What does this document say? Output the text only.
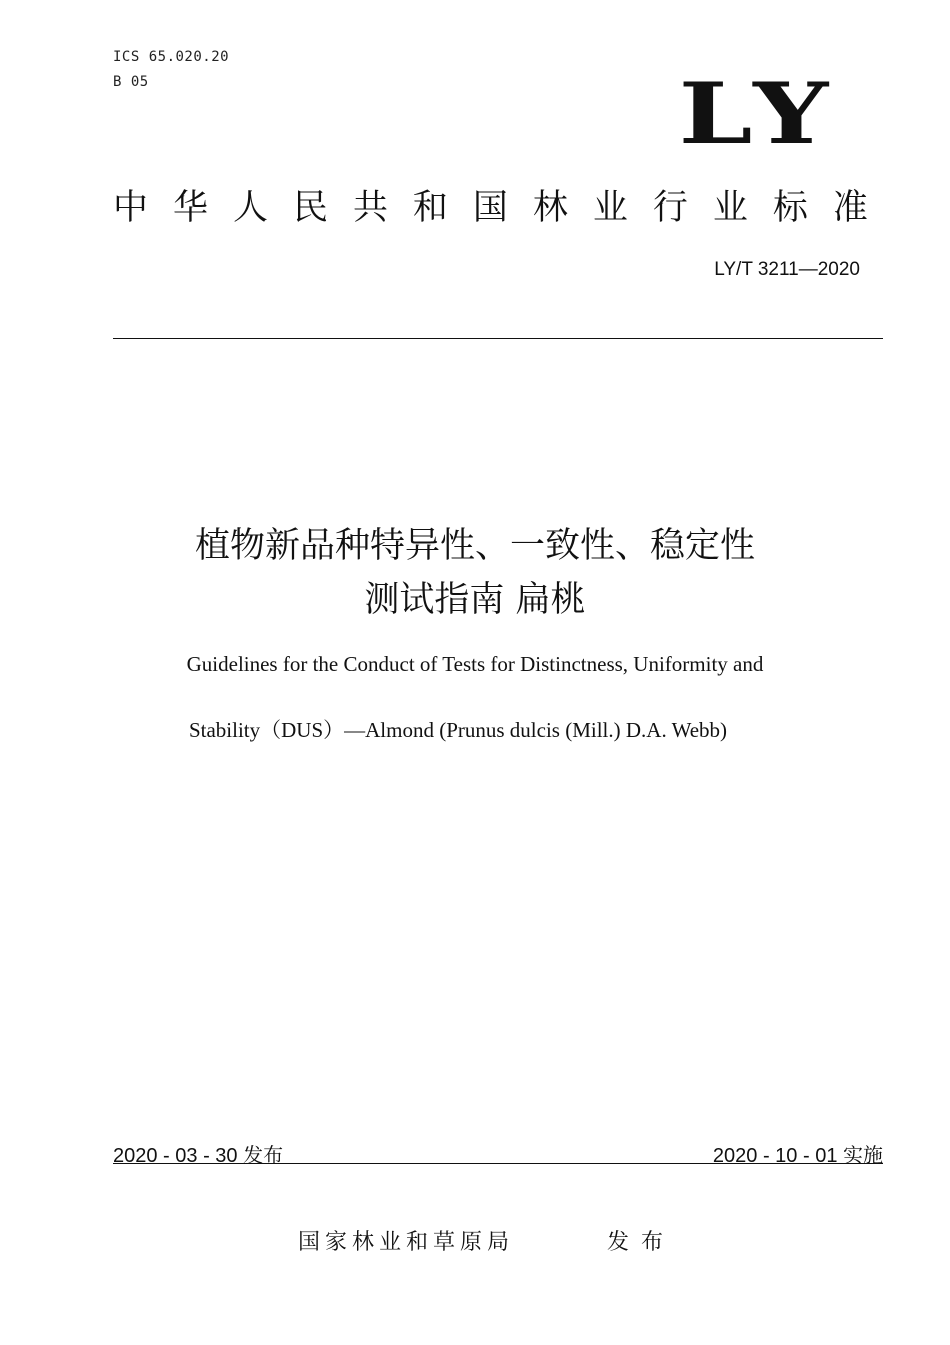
ICS 65.020.20
B 05	LY
中 华 人 民 共 和 国 林 业 行 业 标 准
LY/T 3211—2020
植物新品种特异性、一致性、稳定性
测试指南 扁桃
Guidelines for the Conduct of Tests for Distinctness, Uniformity and
Stability（DUS）—Almond (Prunus dulcis (Mill.) D.A. Webb)
2020 - 03 - 30 发布	2020 - 10 - 01 实施
国家林业和草原局	发布
